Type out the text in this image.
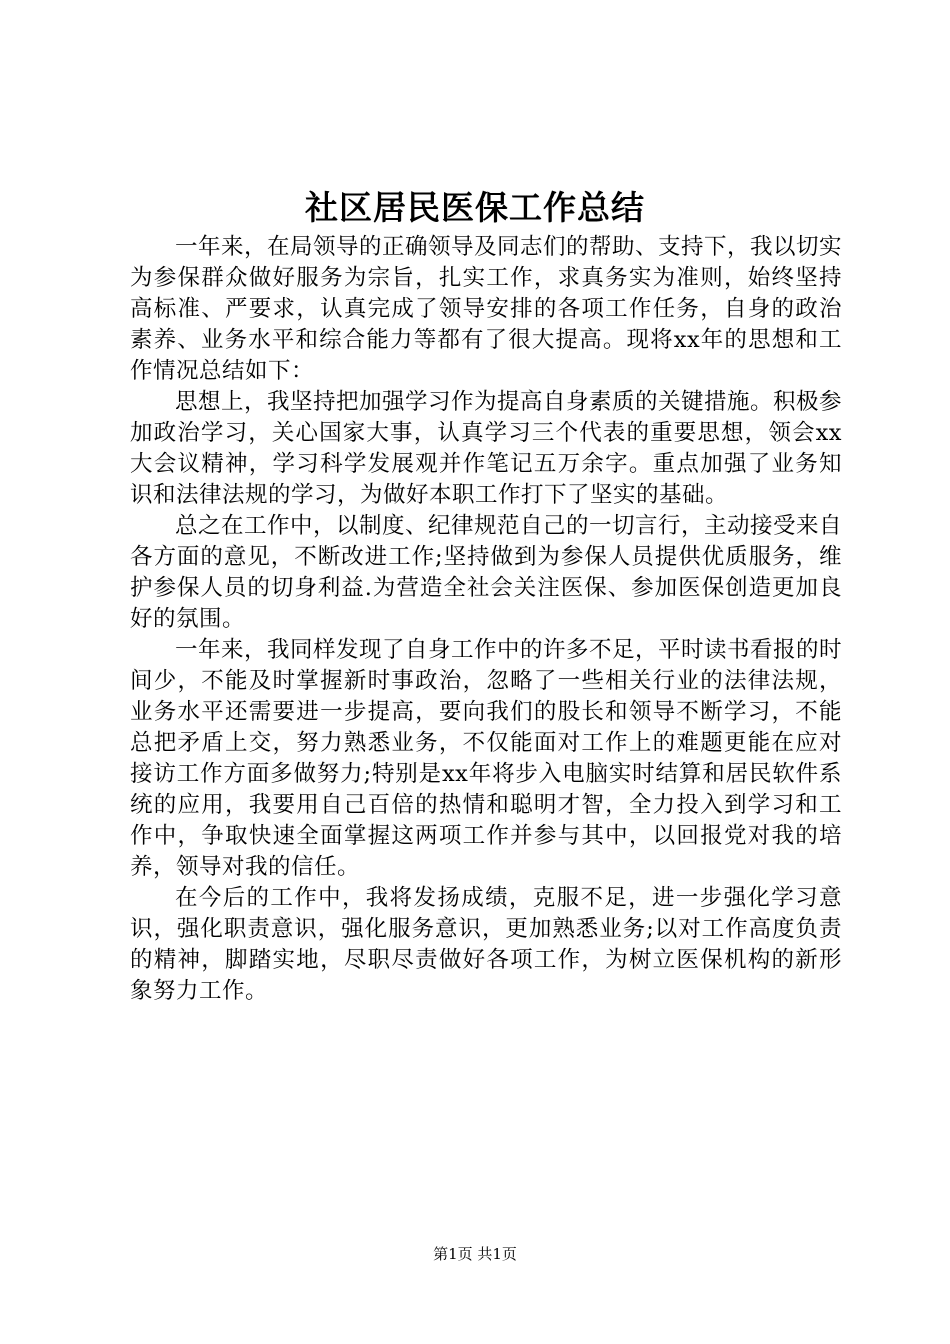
社区居民医保工作总结

一年来，在局领导的正确领导及同志们的帮助、支持下，我以切实为参保群众做好服务为宗旨，扎实工作，求真务实为准则，始终坚持高标准、严要求，认真完成了领导安排的各项工作任务，自身的政治素养、业务水平和综合能力等都有了很大提高。现将xx年的思想和工作情况总结如下：

思想上，我坚持把加强学习作为提高自身素质的关键措施。积极参加政治学习，关心国家大事，认真学习三个代表的重要思想，领会xx大会议精神，学习科学发展观并作笔记五万余字。重点加强了业务知识和法律法规的学习，为做好本职工作打下了坚实的基础。

总之在工作中，以制度、纪律规范自己的一切言行，主动接受来自各方面的意见，不断改进工作;坚持做到为参保人员提供优质服务，维护参保人员的切身利益.为营造全社会关注医保、参加医保创造更加良好的氛围。

一年来，我同样发现了自身工作中的许多不足，平时读书看报的时间少，不能及时掌握新时事政治，忽略了一些相关行业的法律法规，业务水平还需要进一步提高，要向我们的股长和领导不断学习，不能总把矛盾上交，努力熟悉业务，不仅能面对工作上的难题更能在应对接访工作方面多做努力;特别是xx年将步入电脑实时结算和居民软件系统的应用，我要用自己百倍的热情和聪明才智，全力投入到学习和工作中，争取快速全面掌握这两项工作并参与其中，以回报党对我的培养，领导对我的信任。

在今后的工作中，我将发扬成绩，克服不足，进一步强化学习意识，强化职责意识，强化服务意识，更加熟悉业务;以对工作高度负责的精神，脚踏实地，尽职尽责做好各项工作，为树立医保机构的新形象努力工作。

第1页 共1页
